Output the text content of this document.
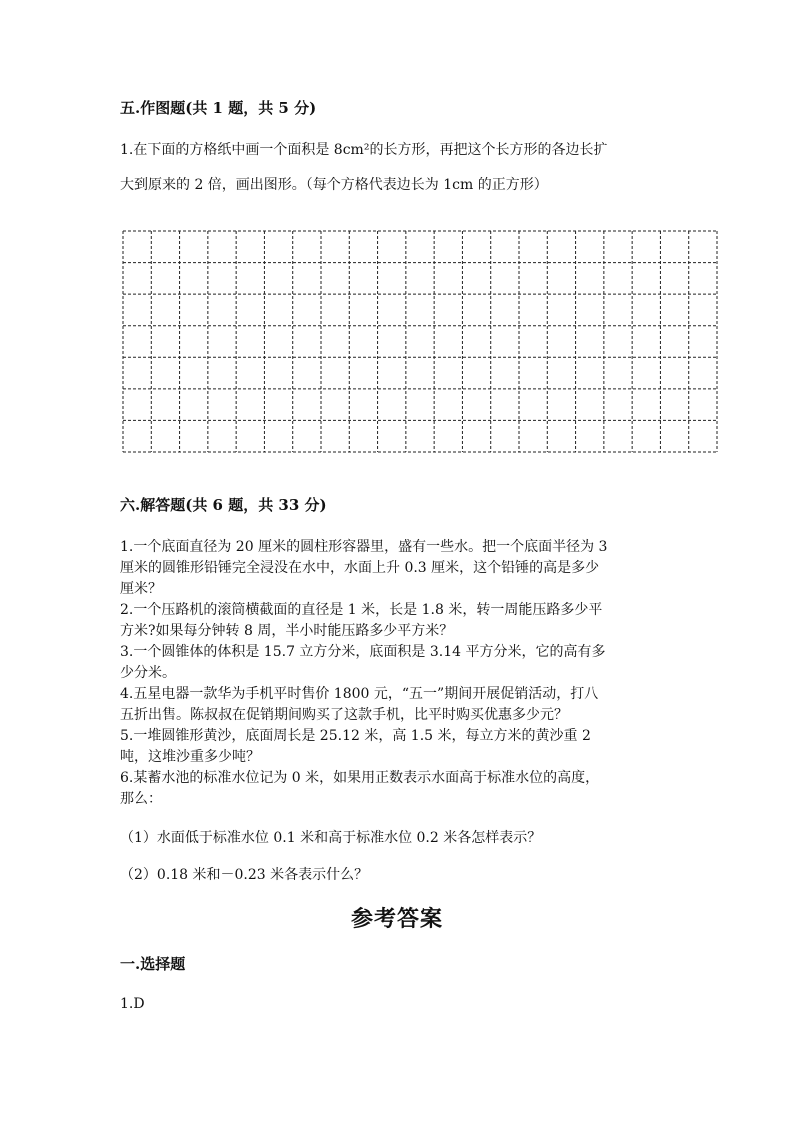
五.作图题(共 1 题，共 5 分)
1.在下面的方格纸中画一个面积是 8cm²的长方形，再把这个长方形的各边长扩
大到原来的 2 倍，画出图形。（每个方格代表边长为 1cm 的正方形）
六.解答题(共 6 题，共 33 分)
1.一个底面直径为 20 厘米的圆柱形容器里，盛有一些水。把一个底面半径为 3
厘米的圆锥形铅锤完全浸没在水中，水面上升 0.3 厘米，这个铅锤的高是多少
厘米？
2.一个压路机的滚筒横截面的直径是 1 米，长是 1.8 米，转一周能压路多少平
方米?如果每分钟转 8 周，半小时能压路多少平方米？
3.一个圆锥体的体积是 15.7 立方分米，底面积是 3.14 平方分米，它的高有多
少分米。
4.五星电器一款华为手机平时售价 1800 元，“五一”期间开展促销活动，打八
五折出售。陈叔叔在促销期间购买了这款手机，比平时购买优惠多少元？
5.一堆圆锥形黄沙，底面周长是 25.12 米，高 1.5 米，每立方米的黄沙重 2
吨，这堆沙重多少吨？
6.某蓄水池的标准水位记为 0 米，如果用正数表示水面高于标准水位的高度，
那么：
（1）水面低于标准水位 0.1 米和高于标准水位 0.2 米各怎样表示？
（2）0.18 米和－0.23 米各表示什么？
参考答案
一.选择题
1.D
